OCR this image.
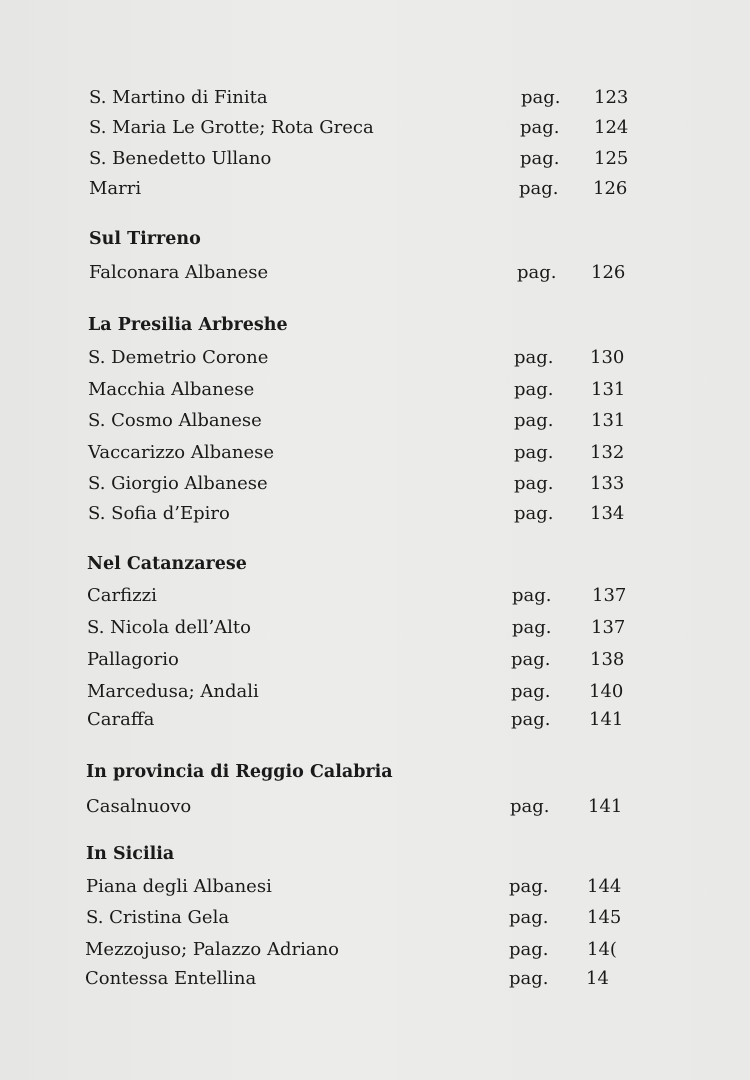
S. Martino di Finita	pag. 123
S. Maria Le Grotte; Rota Greca	pag. 124
S. Benedetto Ullano	pag. 125
Marri	pag. 126
Sul Tirreno
Falconara Albanese	pag. 126
La Presilia Arbreshe
S. Demetrio Corone	pag. 130
Macchia Albanese	pag. 131
S. Cosmo Albanese	pag. 131
Vaccarizzo Albanese	pag. 132
S. Giorgio Albanese	pag. 133
S. Sofia d’Epiro	pag. 134
Nel Catanzarese
Carfizzi	pag. 137
S. Nicola dell’Alto	pag. 137
Pallagorio	pag. 138
Marcedusa; Andali	pag. 140
Caraffa	pag. 141
In provincia di Reggio Calabria
Casalnuovo	pag. 141
In Sicilia
Piana degli Albanesi	pag. 144
S. Cristina Gela	pag. 145
Mezzojuso; Palazzo Adriano	pag. 14(
Contessa Entellina	pag. 14
